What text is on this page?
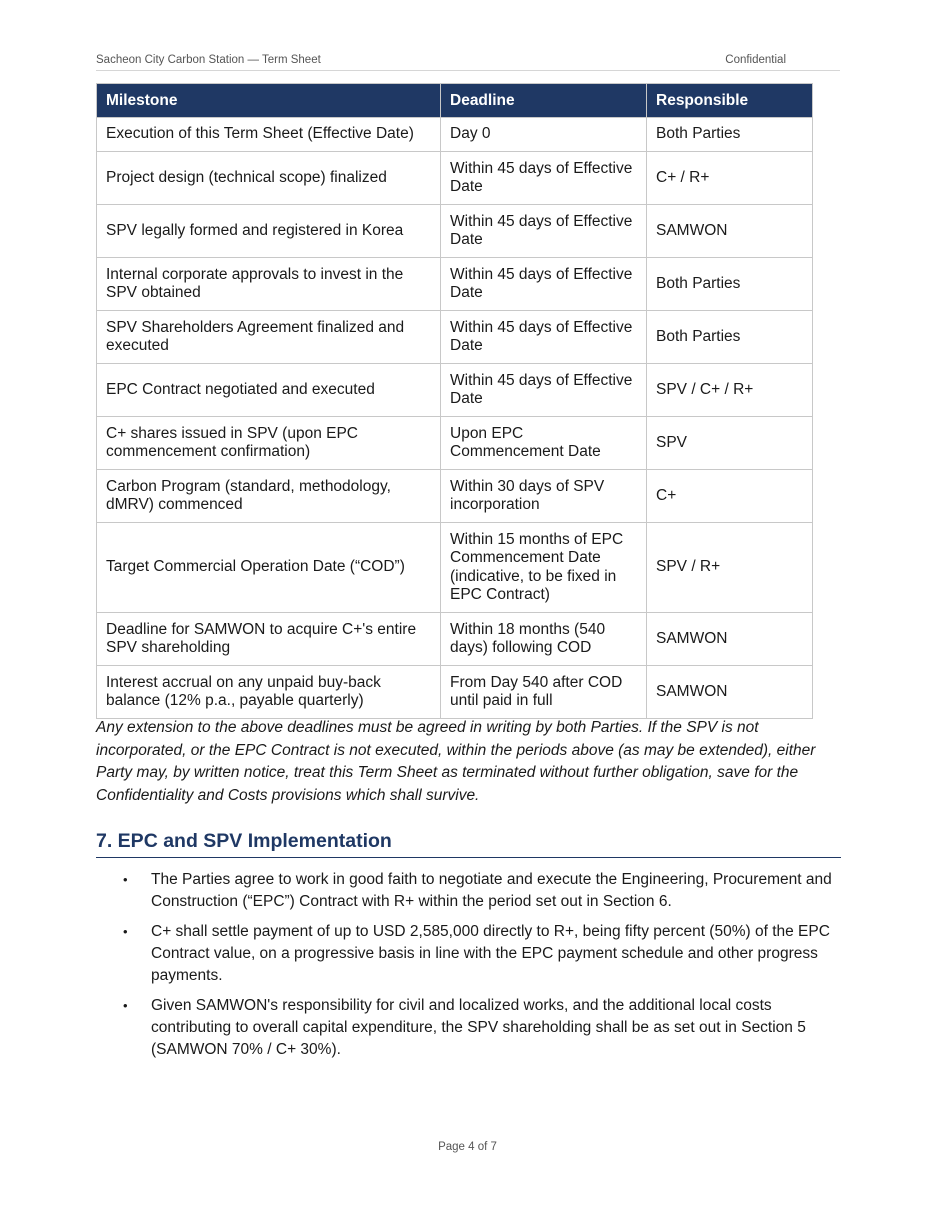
Sacheon City Carbon Station — Term Sheet	Confidential
Milestone	Deadline	Responsible
Execution of this Term Sheet (Effective Date)	Day 0	Both Parties
Project design (technical scope) finalized	Within 45 days of Effective Date	C+ / R+
SPV legally formed and registered in Korea	Within 45 days of Effective Date	SAMWON
Internal corporate approvals to invest in the SPV obtained	Within 45 days of Effective Date	Both Parties
SPV Shareholders Agreement finalized and executed	Within 45 days of Effective Date	Both Parties
EPC Contract negotiated and executed	Within 45 days of Effective Date	SPV / C+ / R+
C+ shares issued in SPV (upon EPC commencement confirmation)	Upon EPC Commencement Date	SPV
Carbon Program (standard, methodology, dMRV) commenced	Within 30 days of SPV incorporation	C+
Target Commercial Operation Date (“COD”)	Within 15 months of EPC Commencement Date (indicative, to be fixed in EPC Contract)	SPV / R+
Deadline for SAMWON to acquire C+'s entire SPV shareholding	Within 18 months (540 days) following COD	SAMWON
Interest accrual on any unpaid buy-back balance (12% p.a., payable quarterly)	From Day 540 after COD until paid in full	SAMWON
Any extension to the above deadlines must be agreed in writing by both Parties. If the SPV is not incorporated, or the EPC Contract is not executed, within the periods above (as may be extended), either Party may, by written notice, treat this Term Sheet as terminated without further obligation, save for the Confidentiality and Costs provisions which shall survive.
7. EPC and SPV Implementation
• The Parties agree to work in good faith to negotiate and execute the Engineering, Procurement and Construction (“EPC”) Contract with R+ within the period set out in Section 6.
• C+ shall settle payment of up to USD 2,585,000 directly to R+, being fifty percent (50%) of the EPC Contract value, on a progressive basis in line with the EPC payment schedule and other progress payments.
• Given SAMWON's responsibility for civil and localized works, and the additional local costs contributing to overall capital expenditure, the SPV shareholding shall be as set out in Section 5 (SAMWON 70% / C+ 30%).
Page 4 of 7
